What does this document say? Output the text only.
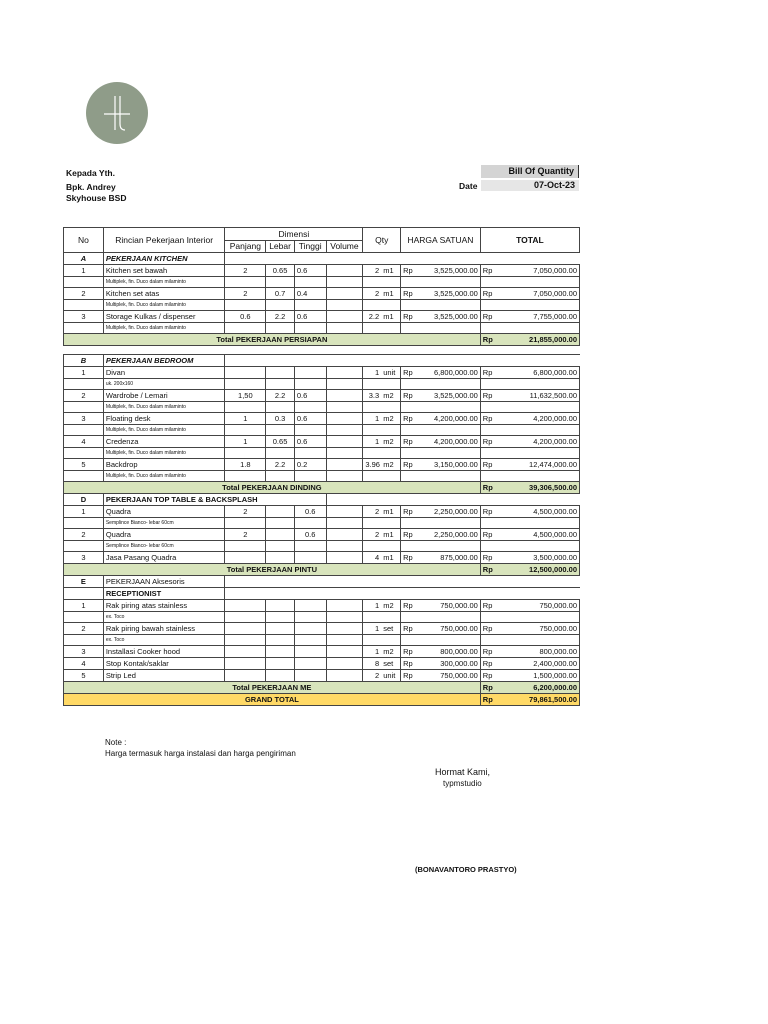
Kepada Yth.
Bpk. Andrey
Skyhouse BSD
Bill Of Quantity
Date	07-Oct-23
No	Rincian Pekerjaan Interior	Dimensi				Qty		HARGA SATUAN		TOTAL	
		Panjang	Lebar	Tinggi	Volume						
A	PEKERJAAN KITCHEN										
1	Kitchen set bawah	2	0.65	0.6		2	m1	Rp	3,525,000.00	Rp	7,050,000.00
	Multiplek, fin. Duco dalam milaminto										
2	Kitchen set atas	2	0.7	0.4		2	m1	Rp	3,525,000.00	Rp	7,050,000.00
	Multiplek, fin. Duco dalam milaminto										
3	Storage Kulkas / dispenser	0.6	2.2	0.6		2.2	m1	Rp	3,525,000.00	Rp	7,755,000.00
	Multiplek, fin. Duco dalam milaminto										
Total PEKERJAAN PERSIAPAN										Rp	21,855,000.00

B	PEKERJAAN BEDROOM										
1	Divan					1	unit	Rp	6,800,000.00	Rp	6,800,000.00
	uk. 200x160										
2	Wardrobe / Lemari	1,50	2.2	0.6		3.3	m2	Rp	3,525,000.00	Rp	11,632,500.00
	Multiplek, fin. Duco dalam milaminto										
3	Floating desk	1	0.3	0.6		1	m2	Rp	4,200,000.00	Rp	4,200,000.00
	Multiplek, fin. Duco dalam milaminto										
4	Credenza	1	0.65	0.6		1	m2	Rp	4,200,000.00	Rp	4,200,000.00
	Multiplek, fin. Duco dalam milaminto										
5	Backdrop	1.8	2.2	0.2		3.96	m2	Rp	3,150,000.00	Rp	12,474,000.00
	Multiplek, fin. Duco dalam milaminto										
Total PEKERJAAN DINDING										Rp	39,306,500.00
D	PEKERJAAN TOP TABLE & BACKSPLASH										
1	Quadra	2		0.6		2	m1	Rp	2,250,000.00	Rp	4,500,000.00
	Semplince Bianco- lebar 60cm										
2	Quadra	2		0.6		2	m1	Rp	2,250,000.00	Rp	4,500,000.00
	Semplince Bianco- lebar 60cm										
3	Jasa Pasang Quadra					4	m1	Rp	875,000.00	Rp	3,500,000.00
Total PEKERJAAN PINTU										Rp	12,500,000.00
E	PEKERJAAN Aksesoris										
	RECEPTIONIST										
1	Rak piring atas stainless					1	m2	Rp	750,000.00	Rp	750,000.00
	ex. Toco										
2	Rak piring bawah stainless					1	set	Rp	750,000.00	Rp	750,000.00
	ex. Toco										
3	Installasi Cooker hood					1	m2	Rp	800,000.00	Rp	800,000.00
4	Stop Kontak/saklar					8	set	Rp	300,000.00	Rp	2,400,000.00
5	Strip Led					2	unit	Rp	750,000.00	Rp	1,500,000.00
Total PEKERJAAN ME										Rp	6,200,000.00
GRAND TOTAL										Rp	79,861,500.00
Note :
Harga termasuk harga instalasi dan harga pengiriman
Hormat Kami,
typmstudio
(BONAVANTORO PRASTYO)
